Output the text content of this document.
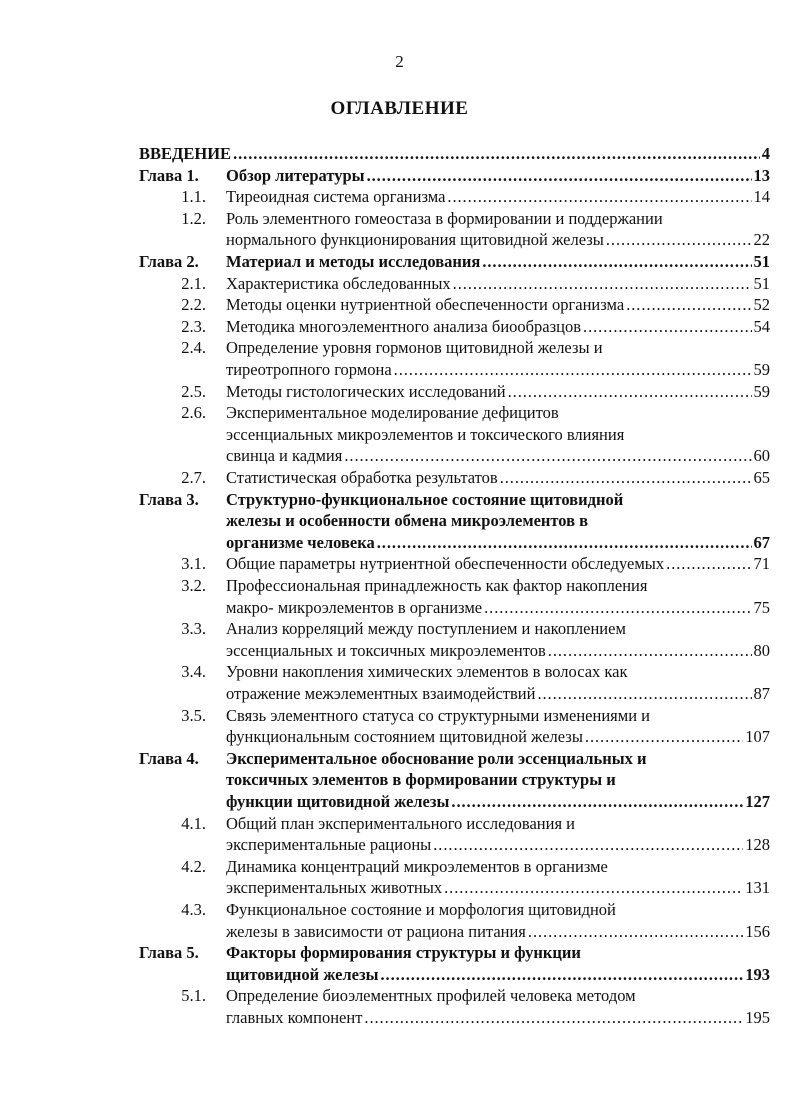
2
ОГЛАВЛЕНИЕ
ВВЕДЕНИЕ . . .	4
Глава 1. Обзор литературы . . .	13
1.1. Тиреоидная система организма . . .	14
1.2. Роль элементного гомеостаза в формировании и поддержании
нормального функционирования щитовидной железы . . .	22
Глава 2. Материал и методы исследования . . .	51
2.1. Характеристика обследованных . . .	51
2.2. Методы оценки нутриентной обеспеченности организма . . .	52
2.3. Методика многоэлементного анализа биообразцов . . .	54
2.4. Определение уровня гормонов щитовидной железы и
тиреотропного гормона . . .	59
2.5. Методы гистологических исследований . . .	59
2.6. Экспериментальное моделирование дефицитов
эссенциальных микроэлементов и токсического влияния
свинца и кадмия . . .	60
2.7. Статистическая обработка результатов . . .	65
Глава 3. Структурно-функциональное состояние щитовидной
железы и особенности обмена микроэлементов в
организме человека . . .	67
3.1. Общие параметры нутриентной обеспеченности обследуемых . . .	71
3.2. Профессиональная принадлежность как фактор накопления
макро- микроэлементов в организме . . .	75
3.3. Анализ корреляций между поступлением и накоплением
эссенциальных и токсичных микроэлементов . . .	80
3.4. Уровни накопления химических элементов в волосах как
отражение межэлементных взаимодействий . . .	87
3.5. Связь элементного статуса со структурными изменениями и
функциональным состоянием щитовидной железы . . .	107
Глава 4. Экспериментальное обоснование роли эссенциальных и
токсичных элементов в формировании структуры и
функции щитовидной железы . . .	127
4.1. Общий план экспериментального исследования и
экспериментальные рационы . . .	128
4.2. Динамика концентраций микроэлементов в организме
экспериментальных животных . . .	131
4.3. Функциональное состояние и морфология щитовидной
железы в зависимости от рациона питания . . .	156
Глава 5. Факторы формирования структуры и функции
щитовидной железы . . .	193
5.1. Определение биоэлементных профилей человека методом
главных компонент . . .	195
